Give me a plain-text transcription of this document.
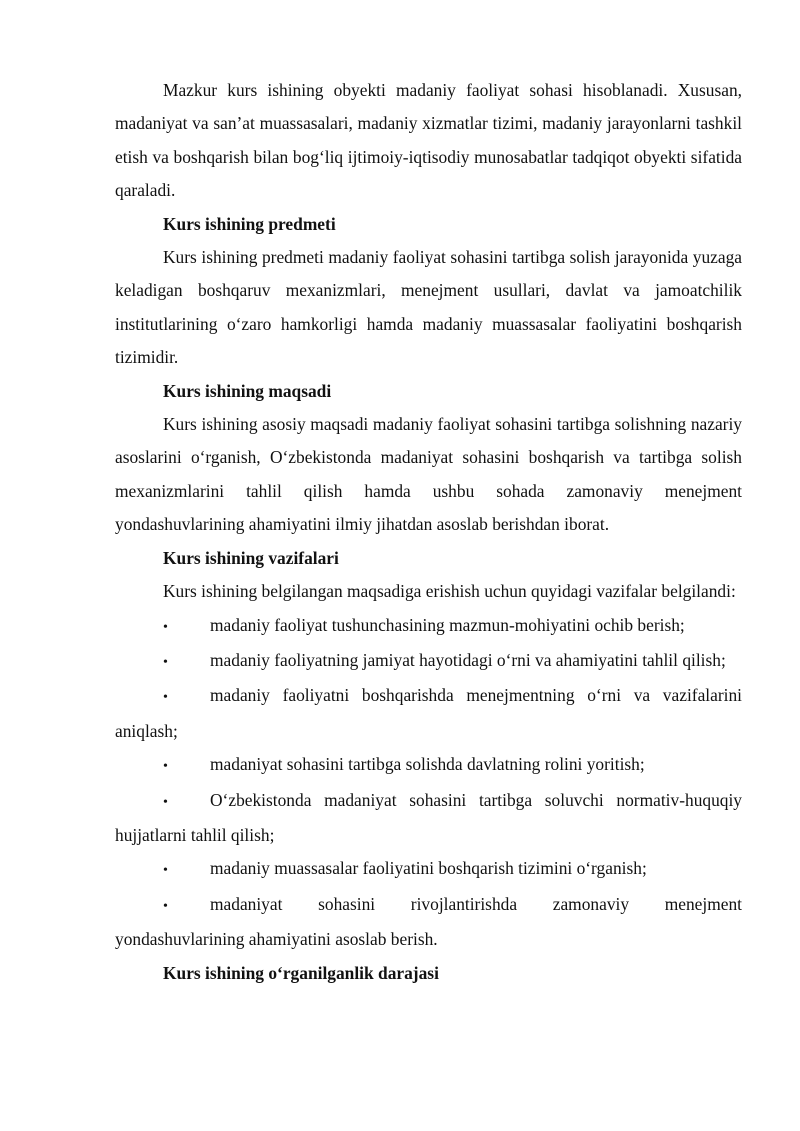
Mazkur kurs ishining obyekti madaniy faoliyat sohasi hisoblanadi. Xususan, madaniyat va san’at muassasalari, madaniy xizmatlar tizimi, madaniy jarayonlarni tashkil etish va boshqarish bilan bog‘liq ijtimoiy-iqtisodiy munosabatlar tadqiqot obyekti sifatida qaraladi.

Kurs ishining predmeti

Kurs ishining predmeti madaniy faoliyat sohasini tartibga solish jarayonida yuzaga keladigan boshqaruv mexanizmlari, menejment usullari, davlat va jamoatchilik institutlarining o‘zaro hamkorligi hamda madaniy muassasalar faoliyatini boshqarish tizimidir.

Kurs ishining maqsadi

Kurs ishining asosiy maqsadi madaniy faoliyat sohasini tartibga solishning nazariy asoslarini o‘rganish, O‘zbekistonda madaniyat sohasini boshqarish va tartibga solish mexanizmlarini tahlil qilish hamda ushbu sohada zamonaviy menejment yondashuvlarining ahamiyatini ilmiy jihatdan asoslab berishdan iborat.

Kurs ishining vazifalari

Kurs ishining belgilangan maqsadiga erishish uchun quyidagi vazifalar belgilandi:

•madaniy faoliyat tushunchasining mazmun-mohiyatini ochib berish;

•madaniy faoliyatning jamiyat hayotidagi o‘rni va ahamiyatini tahlil qilish;

•madaniy faoliyatni boshqarishda menejmentning o‘rni va vazifalarini aniqlash;

•madaniyat sohasini tartibga solishda davlatning rolini yoritish;

•O‘zbekistonda madaniyat sohasini tartibga soluvchi normativ-huquqiy hujjatlarni tahlil qilish;

•madaniy muassasalar faoliyatini boshqarish tizimini o‘rganish;

•madaniyat sohasini rivojlantirishda zamonaviy menejment yondashuvlarining ahamiyatini asoslab berish.

Kurs ishining o‘rganilganlik darajasi
